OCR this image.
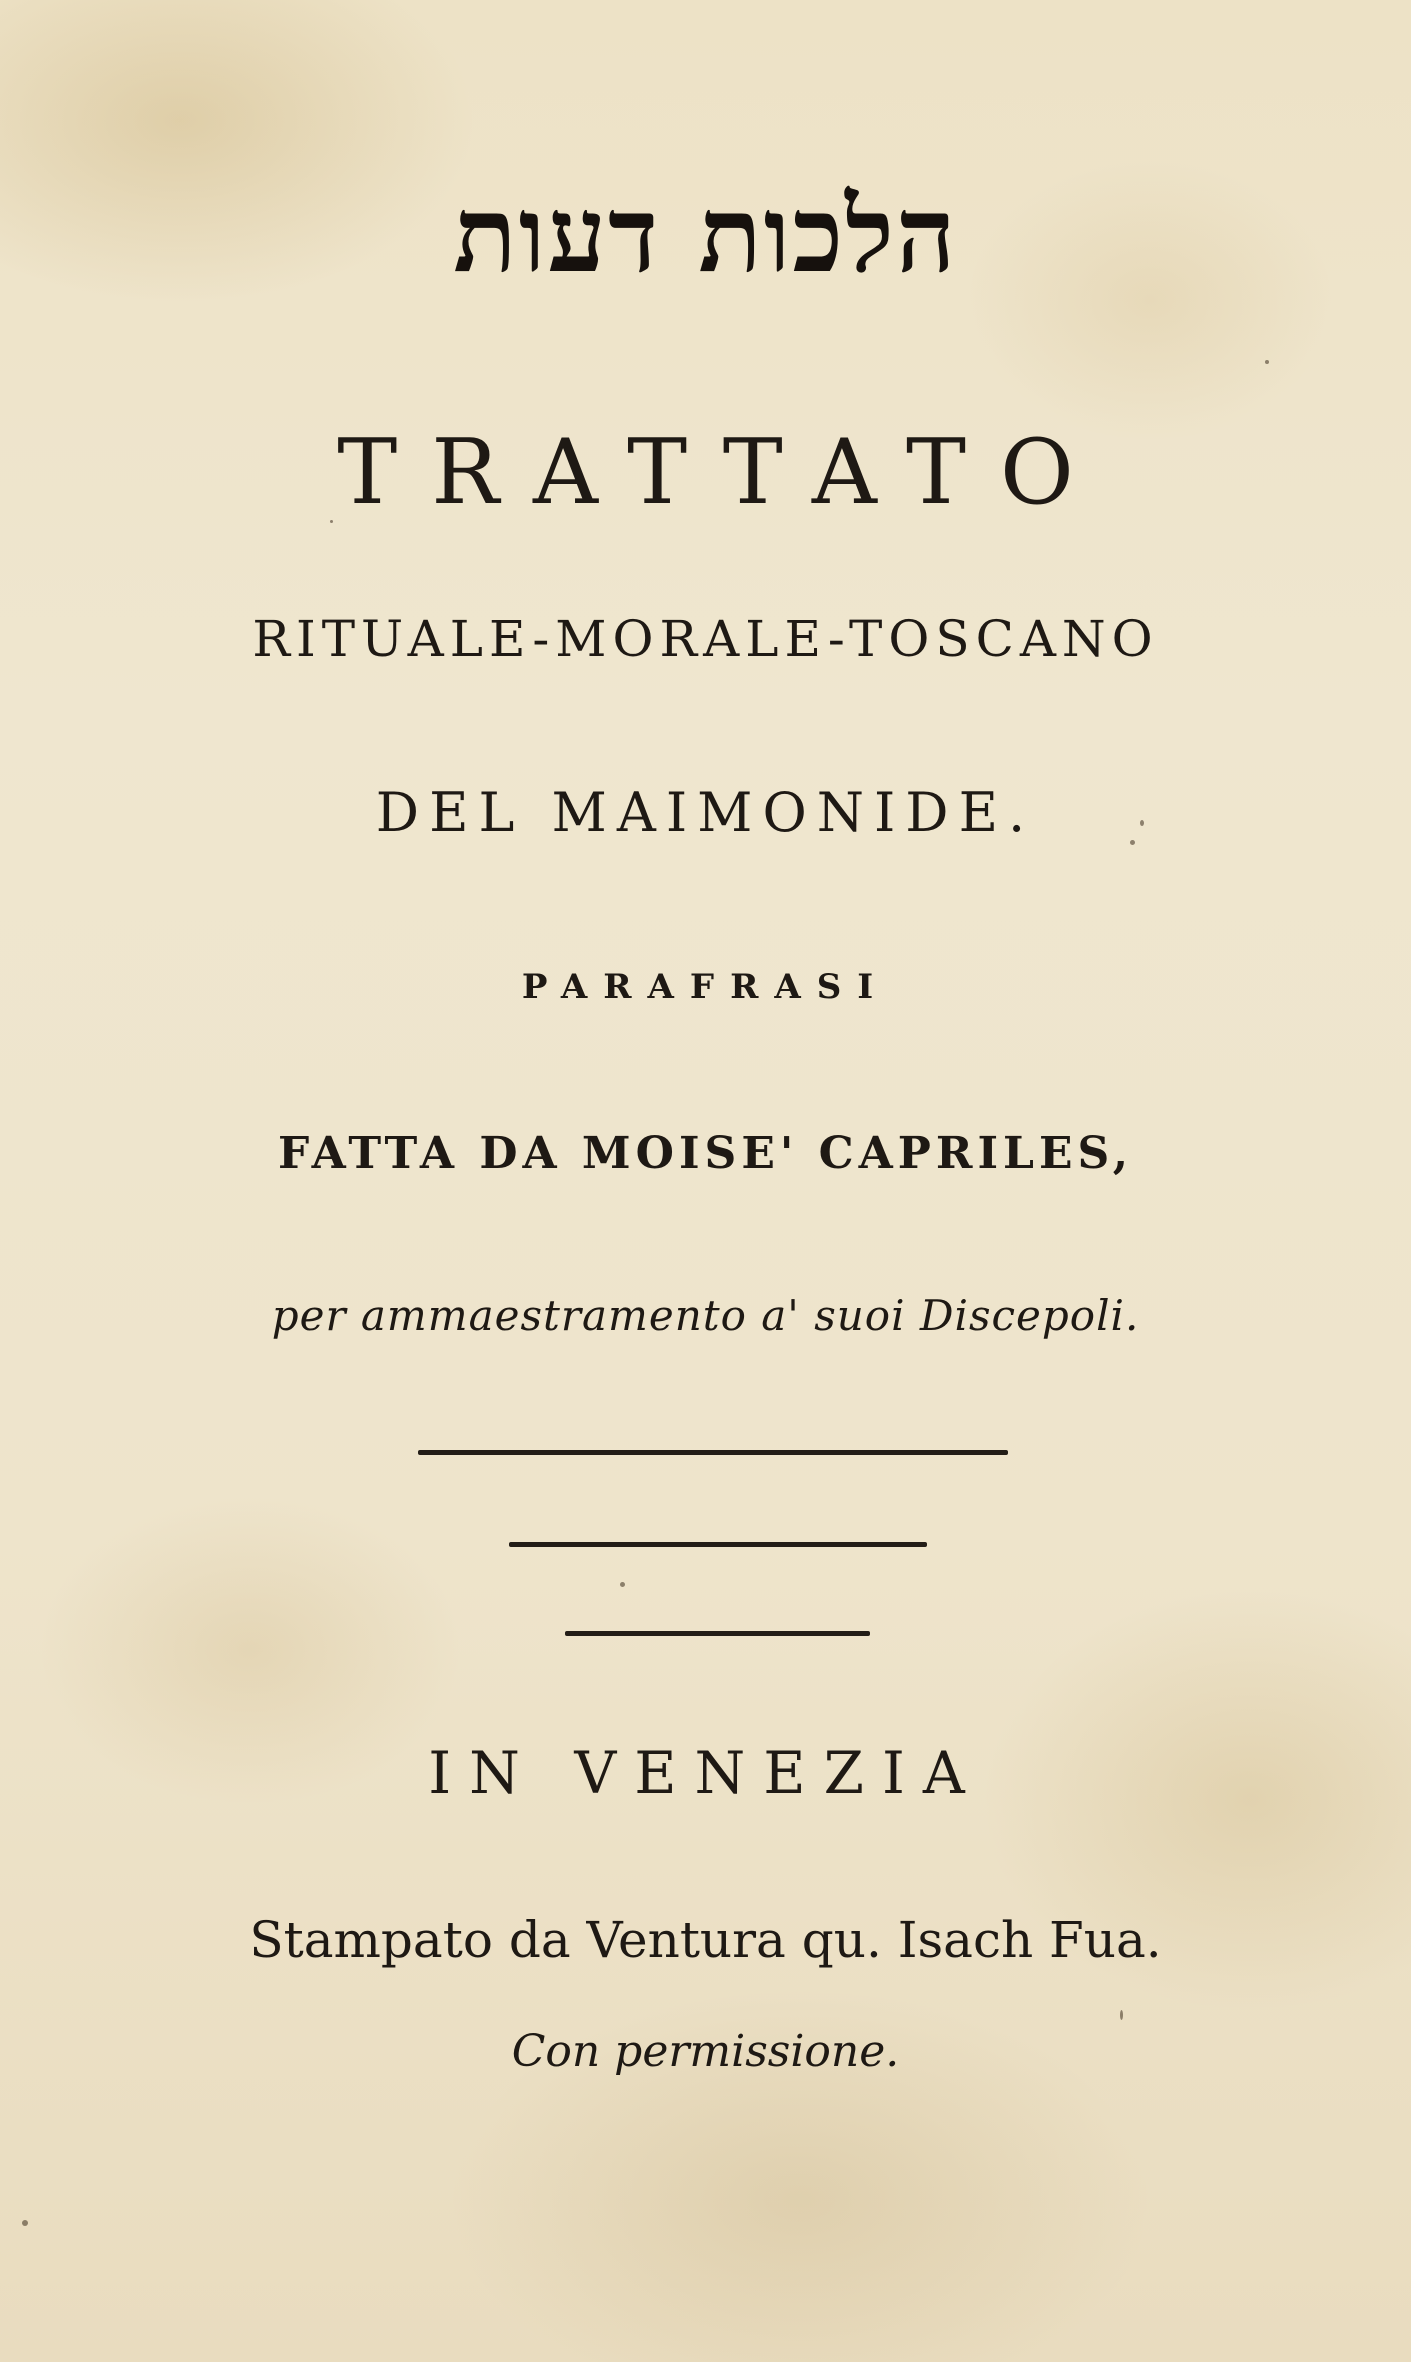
הלכות דעות
TRATTATO
RITUALE-MORALE-TOSCANO
DEL MAIMONIDE.
PARAFRASI
FATTA DA MOISE' CAPRILES,
per ammaestramento a' suoi Discepoli.
IN VENEZIA
Stampato da Ventura qu. Isach Fua.
Con permissione.
